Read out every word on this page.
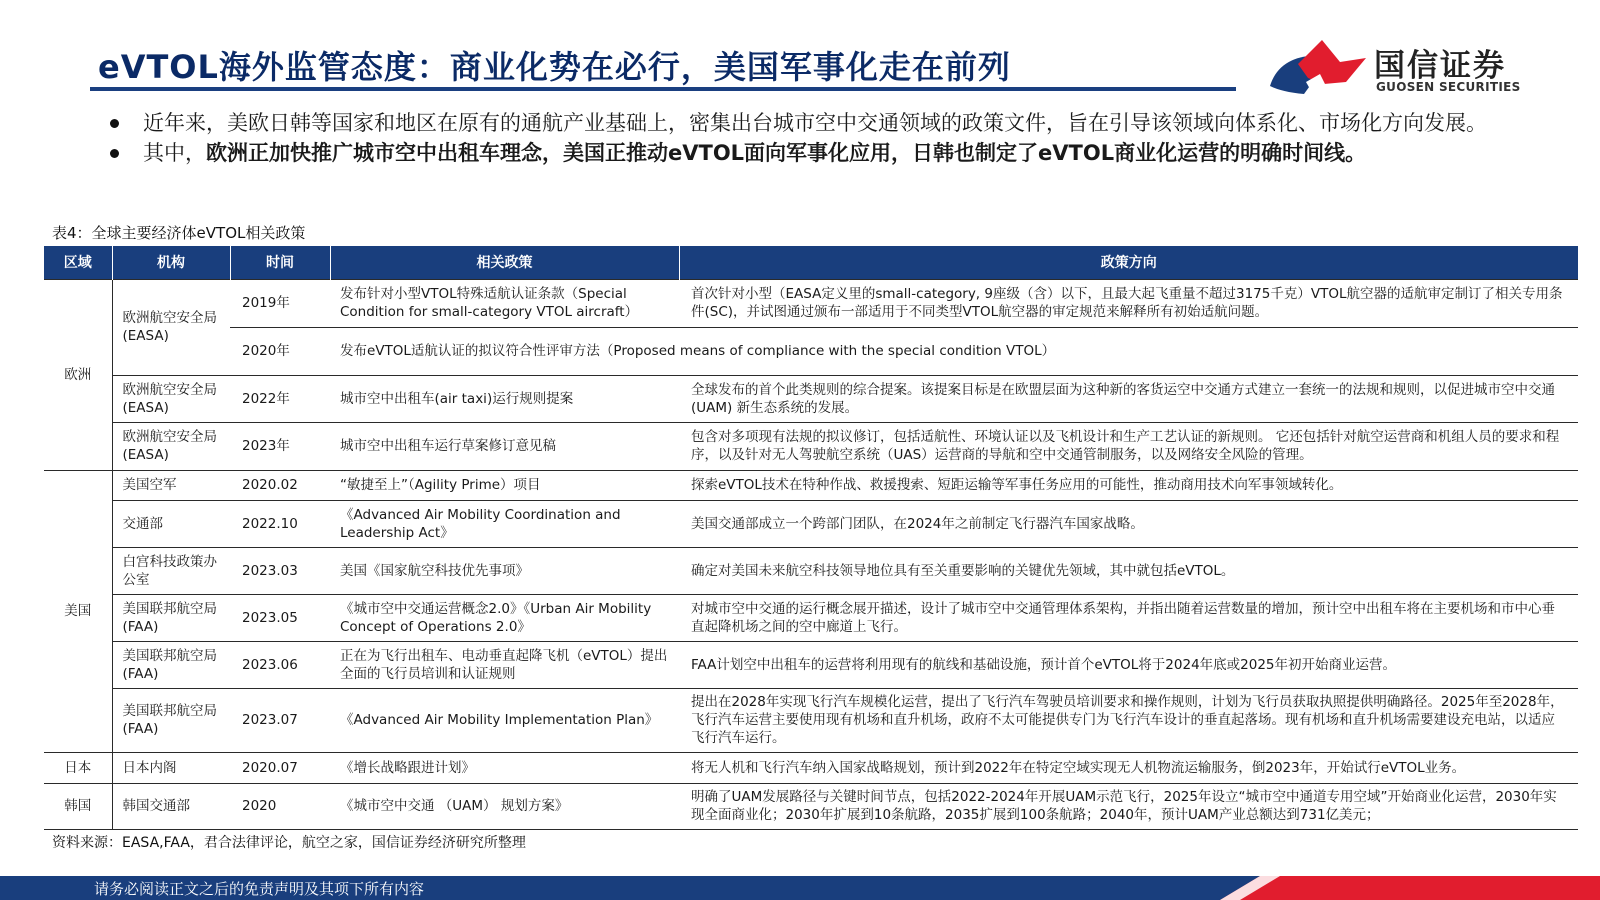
eVTOL海外监管态度：商业化势在必行，美国军事化走在前列	国信证券
GUOSEN SECURITIES
近年来，美欧日韩等国家和地区在原有的通航产业基础上，密集出台城市空中交通领域的政策文件，旨在引导该领域向体系化、市场化方向发展。
其中，欧洲正加快推广城市空中出租车理念，美国正推动eVTOL面向军事化应用，日韩也制定了eVTOL商业化运营的明确时间线。
表4：全球主要经济体eVTOL相关政策
区域	机构	时间	相关政策	政策方向
欧洲	欧洲航空安全局(EASA)	2019年	发布针对小型VTOL特殊适航认证条款（Special Condition for small-category VTOL aircraft）	首次针对小型（EASA定义里的small-category, 9座级（含）以下，且最大起飞重量不超过3175千克）VTOL航空器的适航审定制订了相关专用条件(SC)，并试图通过颁布一部适用于不同类型VTOL航空器的审定规范来解释所有初始适航问题。
		2020年	发布eVTOL适航认证的拟议符合性评审方法（Proposed means of compliance with the special condition VTOL）	
	欧洲航空安全局(EASA)	2022年	城市空中出租车(air taxi)运行规则提案	全球发布的首个此类规则的综合提案。该提案目标是在欧盟层面为这种新的客货运空中交通方式建立一套统一的法规和规则，以促进城市空中交通 (UAM) 新生态系统的发展。
	欧洲航空安全局(EASA)	2023年	城市空中出租车运行草案修订意见稿	包含对多项现有法规的拟议修订，包括适航性、环境认证以及飞机设计和生产工艺认证的新规则。 它还包括针对航空运营商和机组人员的要求和程序，以及针对无人驾驶航空系统（UAS）运营商的导航和空中交通管制服务，以及网络安全风险的管理。
美国	美国空军	2020.02	“敏捷至上”（Agility Prime）项目	探索eVTOL技术在特种作战、救援搜索、短距运输等军事任务应用的可能性，推动商用技术向军事领域转化。
	交通部	2022.10	《Advanced Air Mobility Coordination and Leadership Act》	美国交通部成立一个跨部门团队，在2024年之前制定飞行器汽车国家战略。
	白宫科技政策办公室	2023.03	美国《国家航空科技优先事项》	确定对美国未来航空科技领导地位具有至关重要影响的关键优先领域，其中就包括eVTOL。
	美国联邦航空局(FAA)	2023.05	《城市空中交通运营概念2.0》《Urban Air Mobility Concept of Operations 2.0》	对城市空中交通的运行概念展开描述，设计了城市空中交通管理体系架构，并指出随着运营数量的增加，预计空中出租车将在主要机场和市中心垂直起降机场之间的空中廊道上飞行。
	美国联邦航空局(FAA)	2023.06	正在为飞行出租车、电动垂直起降飞机（eVTOL）提出全面的飞行员培训和认证规则	FAA计划空中出租车的运营将利用现有的航线和基础设施，预计首个eVTOL将于2024年底或2025年初开始商业运营。
	美国联邦航空局(FAA)	2023.07	《Advanced Air Mobility Implementation Plan》	提出在2028年实现飞行汽车规模化运营，提出了飞行汽车驾驶员培训要求和操作规则，计划为飞行员获取执照提供明确路径。2025年至2028年，飞行汽车运营主要使用现有机场和直升机场，政府不太可能提供专门为飞行汽车设计的垂直起落场。现有机场和直升机场需要建设充电站，以适应飞行汽车运行。
日本	日本内阁	2020.07	《增长战略跟进计划》	将无人机和飞行汽车纳入国家战略规划，预计到2022年在特定空域实现无人机物流运输服务，倒2023年，开始试行eVTOL业务。
韩国	韩国交通部	2020	《城市空中交通 （UAM） 规划方案》	明确了UAM发展路径与关键时间节点，包括2022-2024年开展UAM示范飞行，2025年设立“城市空中通道专用空域”开始商业化运营，2030年实现全面商业化；2030年扩展到10条航路，2035扩展到100条航路；2040年，预计UAM产业总额达到731亿美元；
资料来源：EASA,FAA，君合法律评论，航空之家，国信证券经济研究所整理
请务必阅读正文之后的免责声明及其项下所有内容
